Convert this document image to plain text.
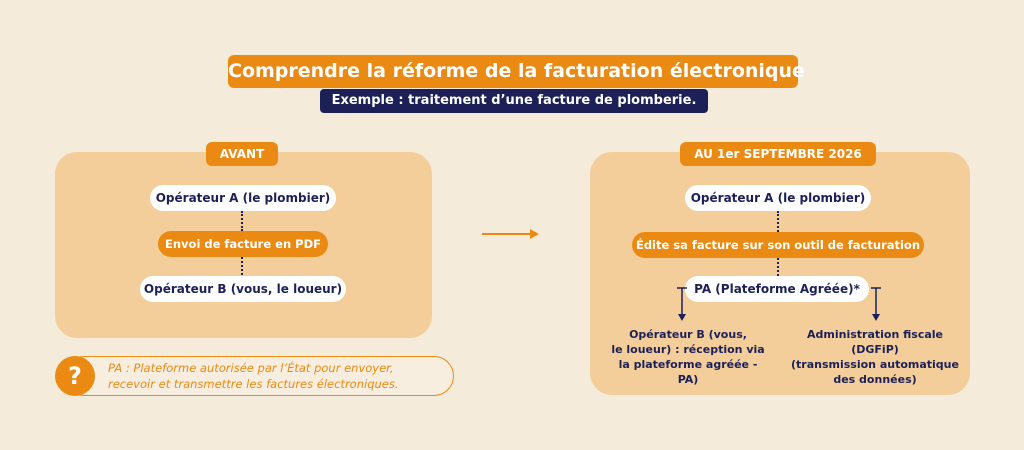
Comprendre la réforme de la facturation électronique
Exemple : traitement d’une facture de plomberie.
AVANT
Opérateur A (le plombier)
Envoi de facture en PDF
Opérateur B (vous, le loueur)
AU 1er SEPTEMBRE 2026
Opérateur A (le plombier)
Édite sa facture sur son outil de facturation
PA (Plateforme Agréée)*
Opérateur B (vous,
le loueur) : réception via
la plateforme agréée - PA)
Administration fiscale (DGFiP)
(transmission automatique
des données)
?	PA : Plateforme autorisée par l’État pour envoyer,
recevoir et transmettre les factures électroniques.
